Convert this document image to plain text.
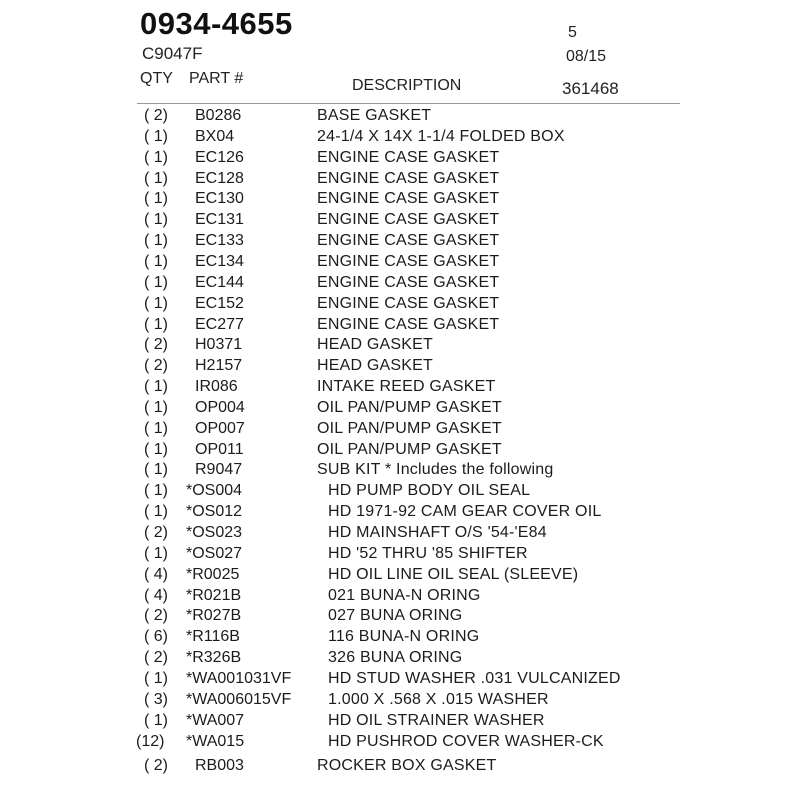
0934-4655
C9047F
5
08/15
QTY PART #	DESCRIPTION	361468
( 2) B0286	BASE GASKET
( 1) BX04	24-1/4 X 14X 1-1/4 FOLDED BOX
( 1) EC126	ENGINE CASE GASKET
( 1) EC128	ENGINE CASE GASKET
( 1) EC130	ENGINE CASE GASKET
( 1) EC131	ENGINE CASE GASKET
( 1) EC133	ENGINE CASE GASKET
( 1) EC134	ENGINE CASE GASKET
( 1) EC144	ENGINE CASE GASKET
( 1) EC152	ENGINE CASE GASKET
( 1) EC277	ENGINE CASE GASKET
( 2) H0371	HEAD GASKET
( 2) H2157	HEAD GASKET
( 1) IR086	INTAKE REED GASKET
( 1) OP004	OIL PAN/PUMP GASKET
( 1) OP007	OIL PAN/PUMP GASKET
( 1) OP011	OIL PAN/PUMP GASKET
( 1) R9047	SUB KIT * Includes the following
( 1) *OS004	HD PUMP BODY OIL SEAL
( 1) *OS012	HD 1971-92 CAM GEAR COVER OIL
( 2) *OS023	HD MAINSHAFT O/S '54-'E84
( 1) *OS027	HD '52 THRU '85 SHIFTER
( 4) *R0025	HD OIL LINE OIL SEAL (SLEEVE)
( 4) *R021B	021 BUNA-N ORING
( 2) *R027B	027 BUNA ORING
( 6) *R116B	116 BUNA-N ORING
( 2) *R326B	326 BUNA ORING
( 1) *WA001031VF HD STUD WASHER .031 VULCANIZED
( 3) *WA006015VF 1.000 X .568 X .015 WASHER
( 1) *WA007	HD OIL STRAINER WASHER
(12) *WA015	HD PUSHROD COVER WASHER-CK
( 2) RB003	ROCKER BOX GASKET
